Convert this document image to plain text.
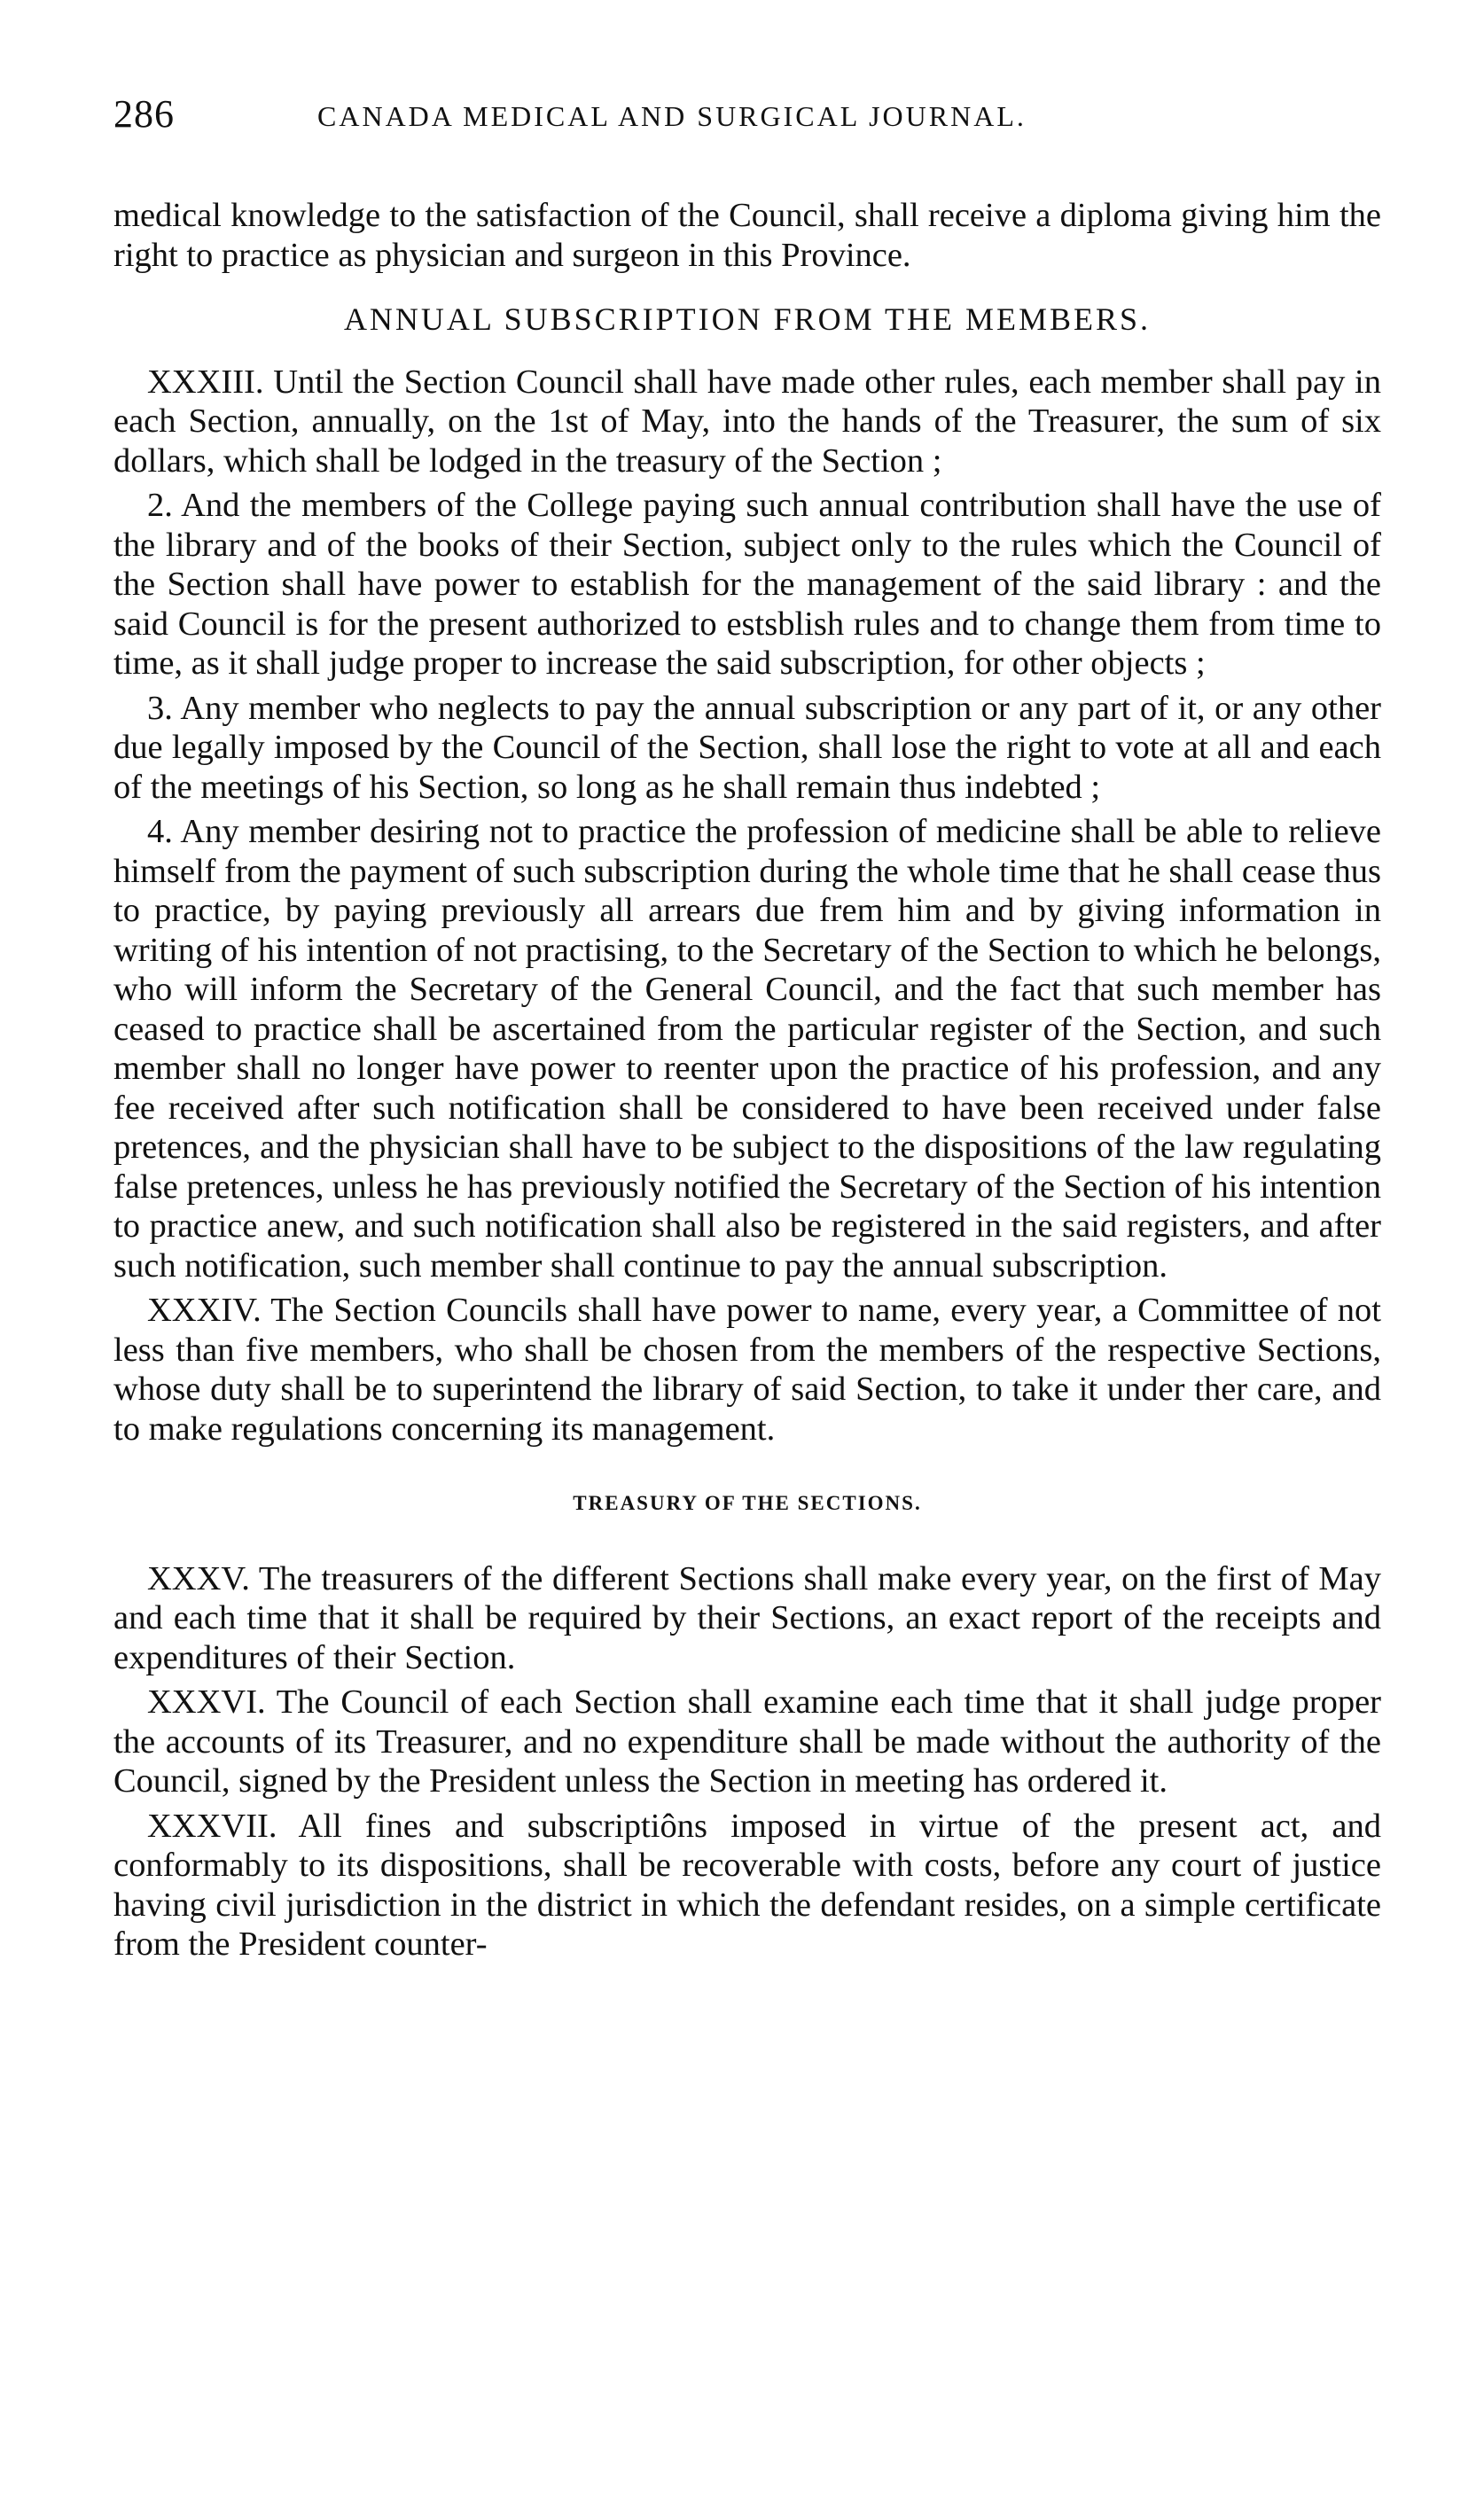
286	CANADA MEDICAL AND SURGICAL JOURNAL.

medical knowledge to the satisfaction of the Council, shall receive a diploma giving him the right to practice as physician and surgeon in this Province.

ANNUAL SUBSCRIPTION FROM THE MEMBERS.

XXXIII. Until the Section Council shall have made other rules, each member shall pay in each Section, annually, on the 1st of May, into the hands of the Treasurer, the sum of six dollars, which shall be lodged in the treasury of the Section ;

2. And the members of the College paying such annual contribution shall have the use of the library and of the books of their Section, subject only to the rules which the Council of the Section shall have power to establish for the management of the said library : and the said Council is for the present authorized to estsblish rules and to change them from time to time, as it shall judge proper to increase the said subscription, for other objects ;

3. Any member who neglects to pay the annual subscription or any part of it, or any other due legally imposed by the Council of the Section, shall lose the right to vote at all and each of the meetings of his Section, so long as he shall remain thus indebted ;

4. Any member desiring not to practice the profession of medicine shall be able to relieve himself from the payment of such subscription during the whole time that he shall cease thus to practice, by paying previously all arrears due frem him and by giving information in writing of his intention of not practising, to the Secretary of the Section to which he belongs, who will inform the Secretary of the General Council, and the fact that such member has ceased to practice shall be ascertained from the particular register of the Section, and such member shall no longer have power to reenter upon the practice of his profession, and any fee received after such notification shall be considered to have been received under false pretences, and the physician shall have to be subject to the dispositions of the law regulating false pretences, unless he has previously notified the Secretary of the Section of his intention to practice anew, and such notification shall also be registered in the said registers, and after such notification, such member shall continue to pay the annual subscription.

XXXIV. The Section Councils shall have power to name, every year, a Committee of not less than five members, who shall be chosen from the members of the respective Sections, whose duty shall be to superintend the library of said Section, to take it under ther care, and to make regulations concerning its management.

TREASURY OF THE SECTIONS.

XXXV. The treasurers of the different Sections shall make every year, on the first of May and each time that it shall be required by their Sections, an exact report of the receipts and expenditures of their Section.

XXXVI. The Council of each Section shall examine each time that it shall judge proper the accounts of its Treasurer, and no expenditure shall be made without the authority of the Council, signed by the President unless the Section in meeting has ordered it.

XXXVII. All fines and subscriptiôns imposed in virtue of the present act, and conformably to its dispositions, shall be recoverable with costs, before any court of justice having civil jurisdiction in the district in which the defendant resides, on a simple certificate from the President counter-
